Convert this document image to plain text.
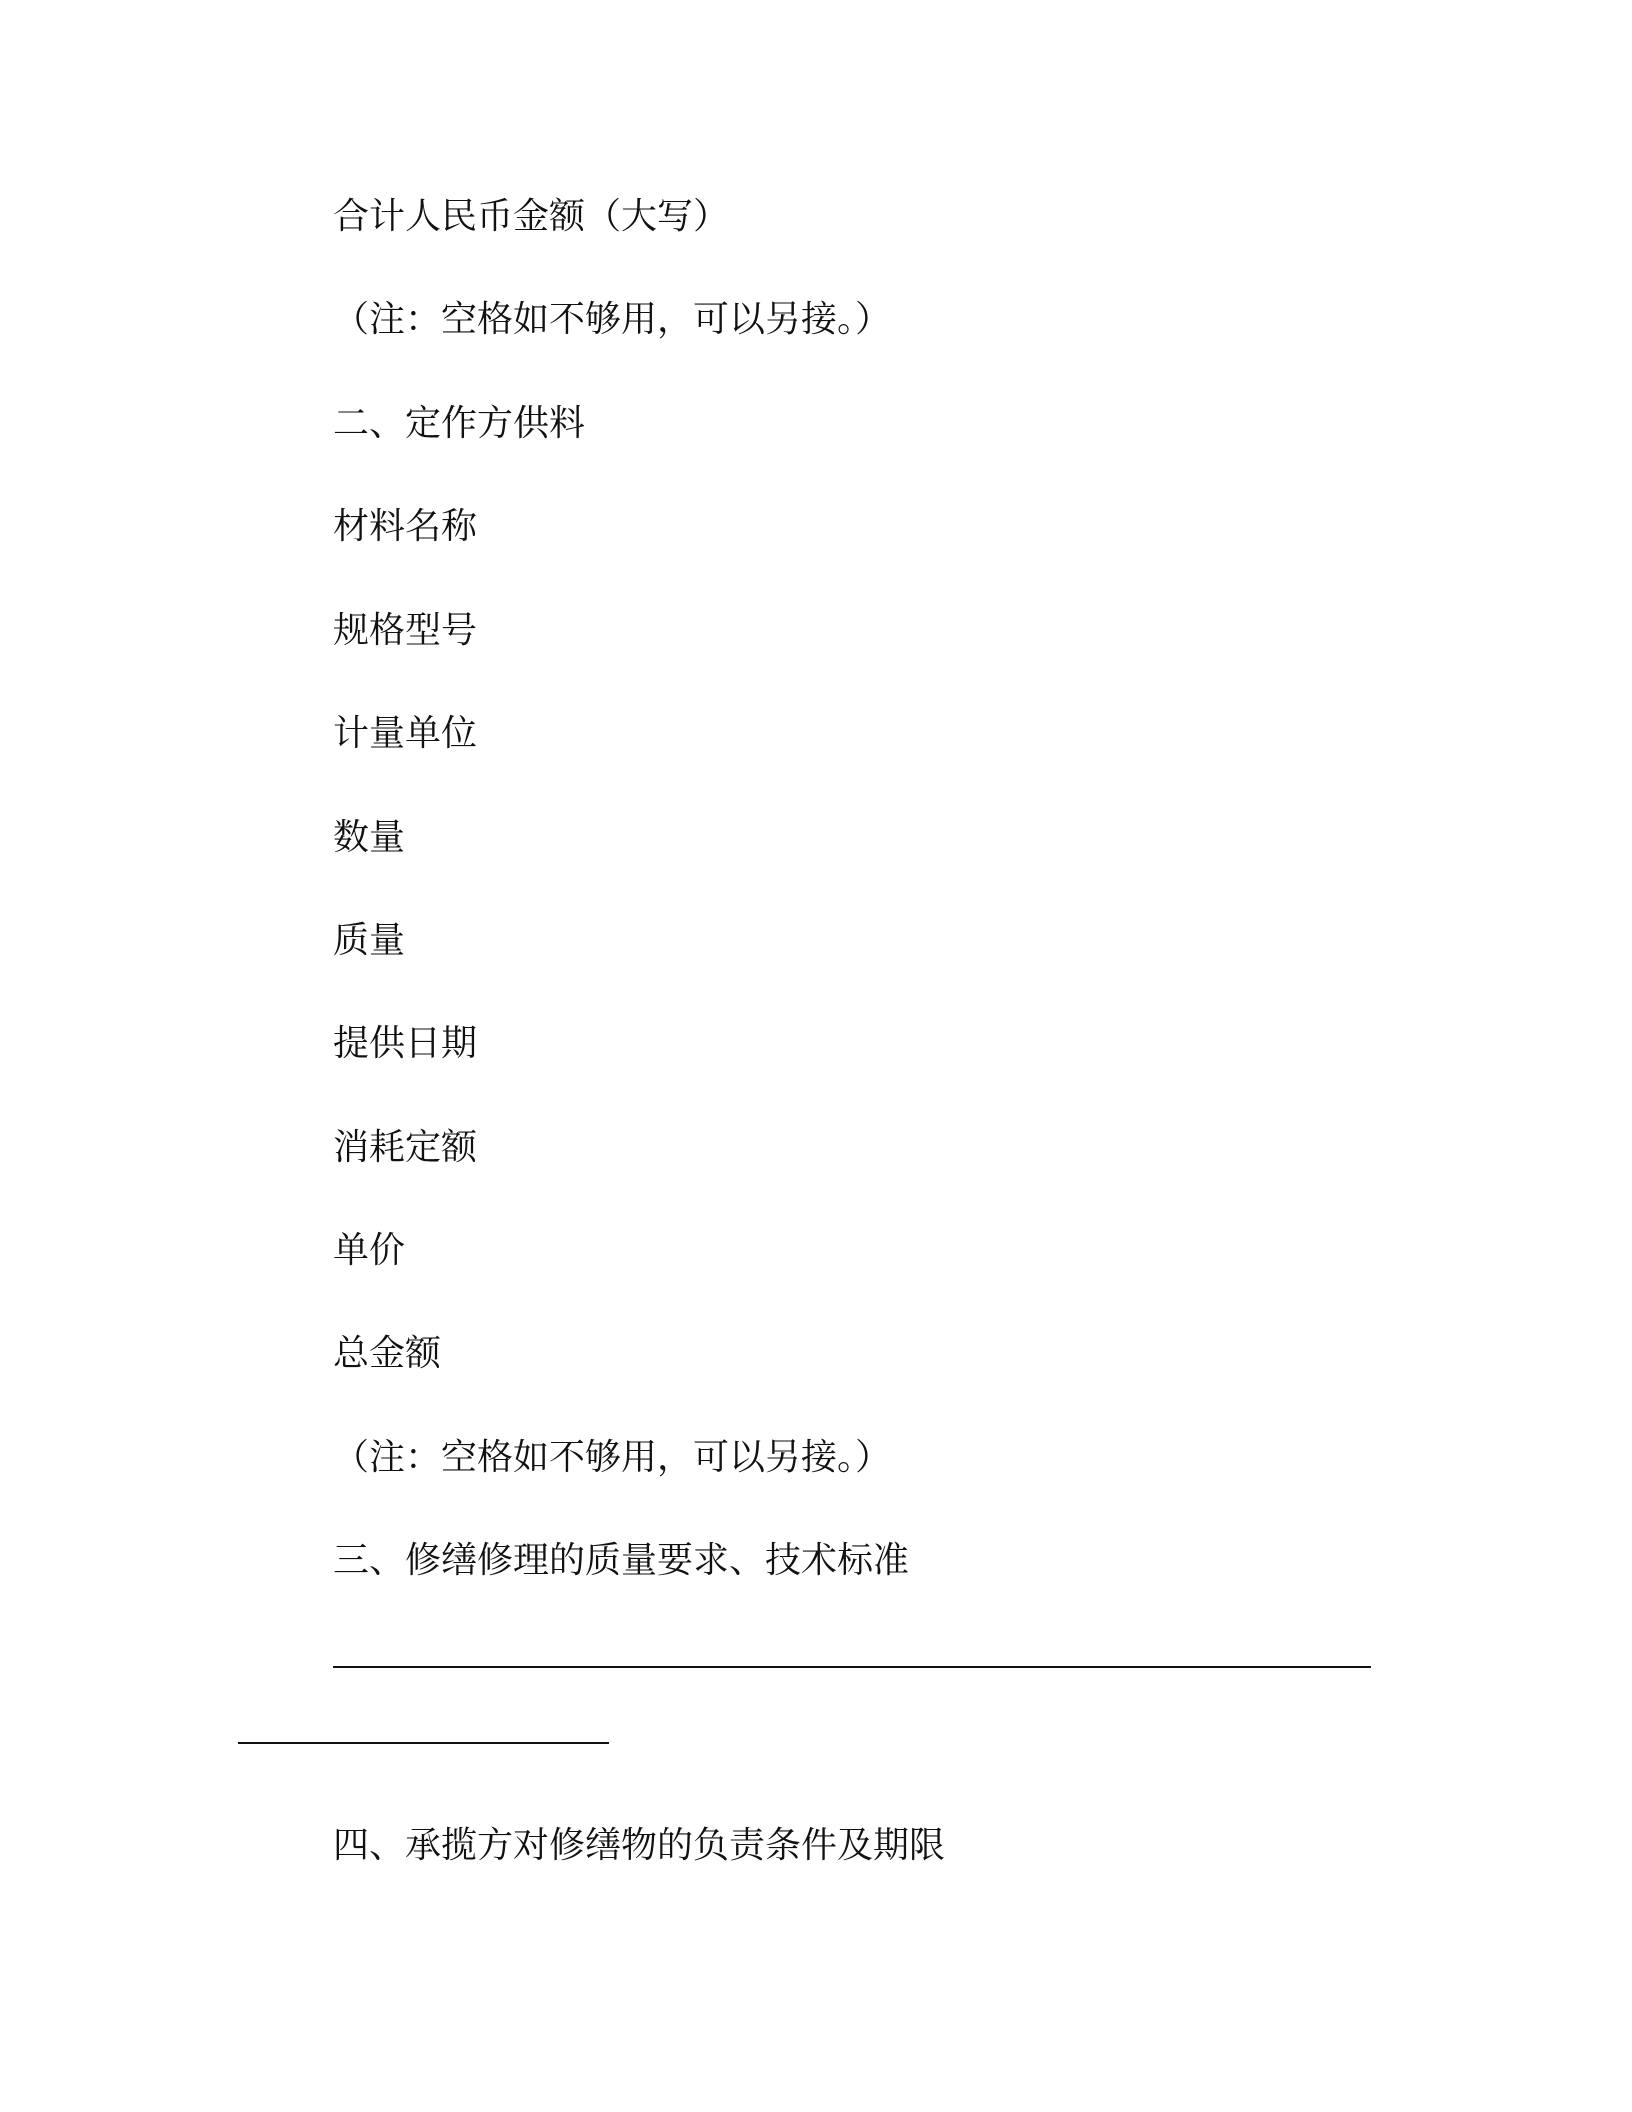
合计人民币金额（大写）
（注：空格如不够用，可以另接。）
二、定作方供料
材料名称
规格型号
计量单位
数量
质量
提供日期
消耗定额
单价
总金额
（注：空格如不够用，可以另接。）
三、修缮修理的质量要求、技术标准
四、承揽方对修缮物的负责条件及期限
